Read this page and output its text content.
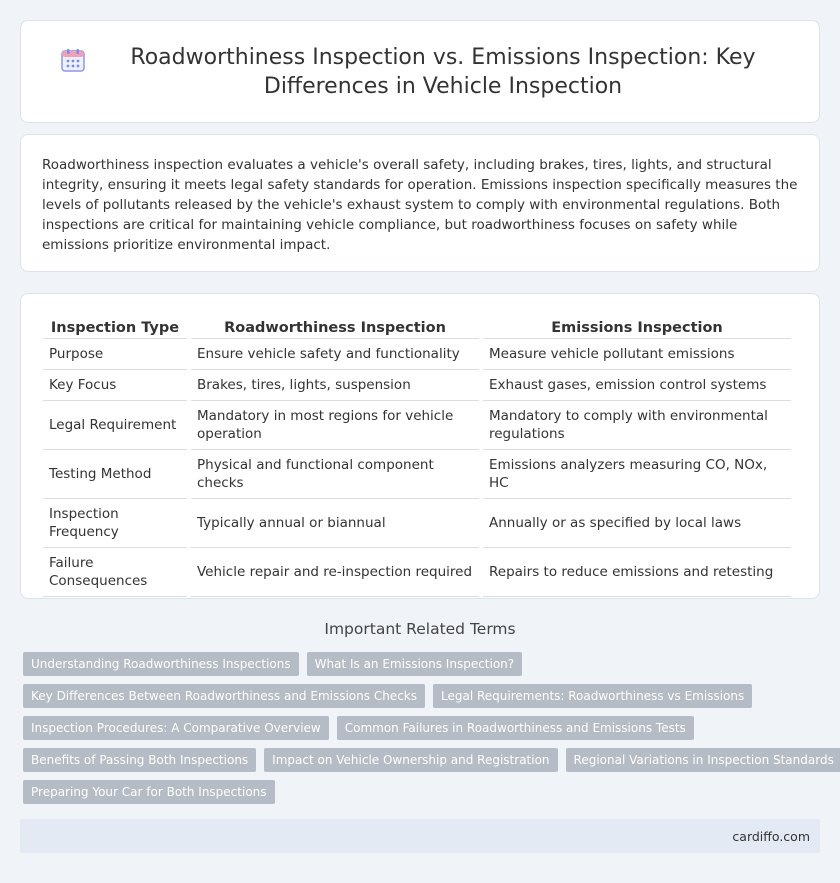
Roadworthiness Inspection vs. Emissions Inspection: Key Differences in Vehicle Inspection

Roadworthiness inspection evaluates a vehicle's overall safety, including brakes, tires, lights, and structural integrity, ensuring it meets legal safety standards for operation. Emissions inspection specifically measures the levels of pollutants released by the vehicle's exhaust system to comply with environmental regulations. Both inspections are critical for maintaining vehicle compliance, but roadworthiness focuses on safety while emissions prioritize environmental impact.

Inspection Type	Roadworthiness Inspection	Emissions Inspection
Purpose	Ensure vehicle safety and functionality	Measure vehicle pollutant emissions
Key Focus	Brakes, tires, lights, suspension	Exhaust gases, emission control systems
Legal Requirement	Mandatory in most regions for vehicle operation	Mandatory to comply with environmental regulations
Testing Method	Physical and functional component checks	Emissions analyzers measuring CO, NOx, HC
Inspection Frequency	Typically annual or biannual	Annually or as specified by local laws
Failure Consequences	Vehicle repair and re-inspection required	Repairs to reduce emissions and retesting
Important Related Terms
Understanding Roadworthiness Inspections	What Is an Emissions Inspection?
Key Differences Between Roadworthiness and Emissions Checks	Legal Requirements: Roadworthiness vs Emissions
Inspection Procedures: A Comparative Overview	Common Failures in Roadworthiness and Emissions Tests
Benefits of Passing Both Inspections	Impact on Vehicle Ownership and Registration	Regional Variations in Inspection Standards
Preparing Your Car for Both Inspections
cardiffo.com
